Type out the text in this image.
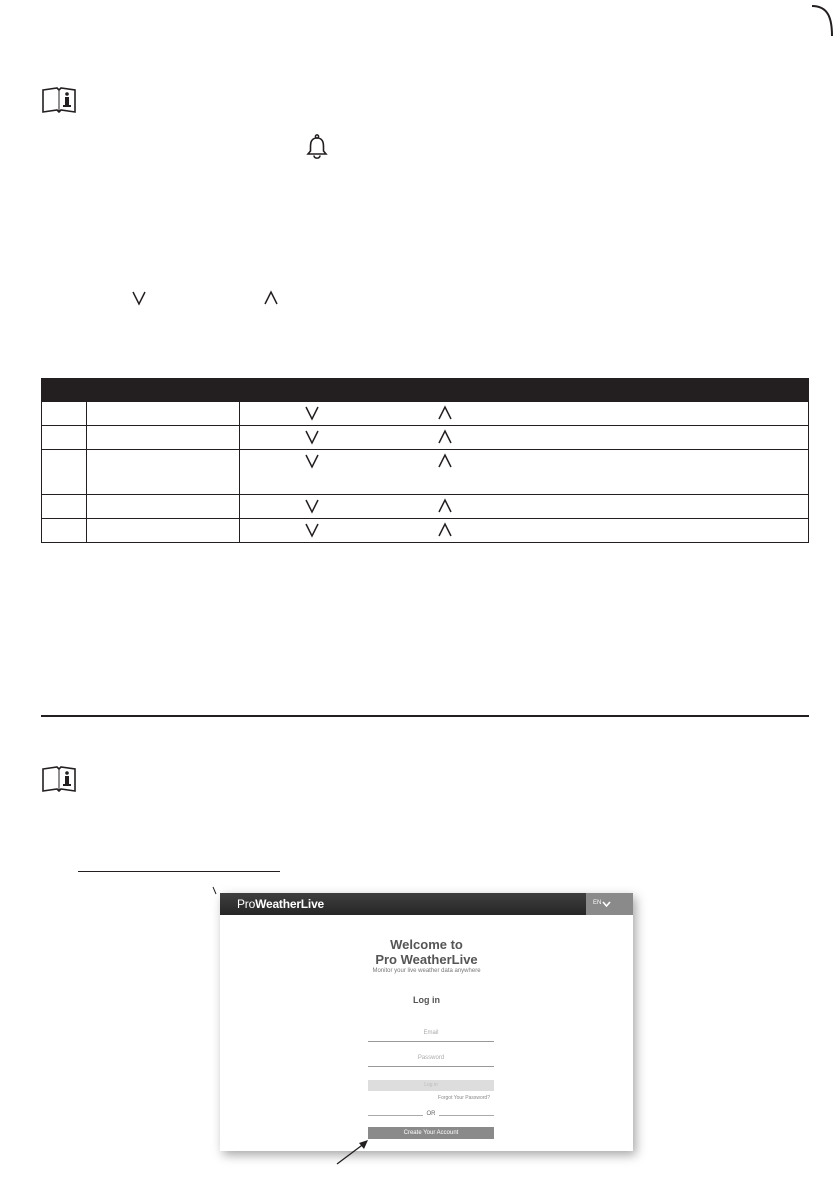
ProWeatherLive	EN
Welcome to
Pro WeatherLive
Monitor your live weather data anywhere
Log in
Email
Password
Log in
Forgot Your Password?
OR
Create Your Account
